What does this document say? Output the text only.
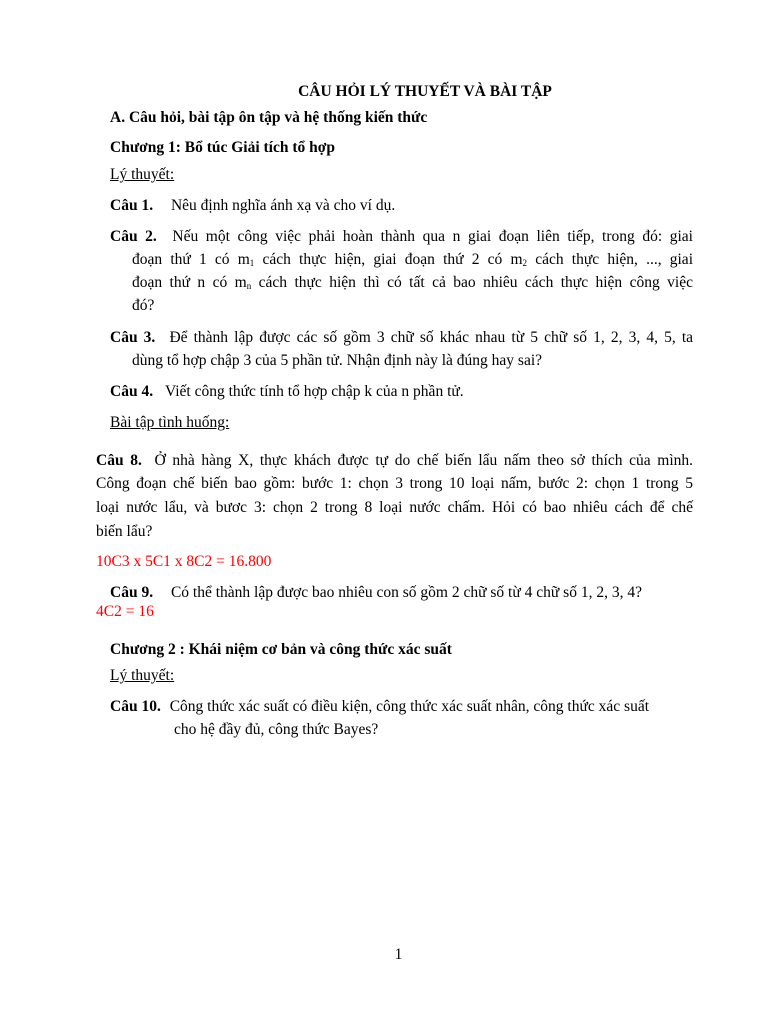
CÂU HỎI LÝ THUYẾT VÀ BÀI TẬP
A. Câu hỏi, bài tập ôn tập và hệ thống kiến thức
Chương 1: Bổ túc Giải tích tổ hợp
Lý thuyết:
Câu 1. Nêu định nghĩa ánh xạ và cho ví dụ.
Câu 2. Nếu một công việc phải hoàn thành qua n giai đoạn liên tiếp, trong đó: giai
đoạn thứ 1 có $m_1$ cách thực hiện, giai đoạn thứ 2 có $m_2$ cách thực hiện, ..., giai
đoạn thứ n có $m_n$ cách thực hiện thì có tất cả bao nhiêu cách thực hiện công việc
đó?
Câu 3. Để thành lập được các số gồm 3 chữ số khác nhau từ 5 chữ số 1, 2, 3, 4, 5, ta
dùng tổ hợp chập 3 của 5 phần tử. Nhận định này là đúng hay sai?
Câu 4. Viết công thức tính tổ hợp chập k của n phần tử.
Bài tập tình huống:
Câu 8. Ở nhà hàng X, thực khách được tự do chế biến lẩu nấm theo sở thích của mình.
Công đoạn chế biến bao gồm: bước 1: chọn 3 trong 10 loại nấm, bước 2: chọn 1 trong 5
loại nước lẩu, và bươc 3: chọn 2 trong 8 loại nước chấm. Hỏi có bao nhiêu cách để chế
biến lẩu?
10C3 x 5C1 x 8C2 = 16.800
Câu 9. Có thể thành lập được bao nhiêu con số gồm 2 chữ số từ 4 chữ số 1, 2, 3, 4?
4C2 = 16
Chương 2 : Khái niệm cơ bản và công thức xác suất
Lý thuyết:
Câu 10. Công thức xác suất có điều kiện, công thức xác suất nhân, công thức xác suất
cho hệ đầy đủ, công thức Bayes?
1
